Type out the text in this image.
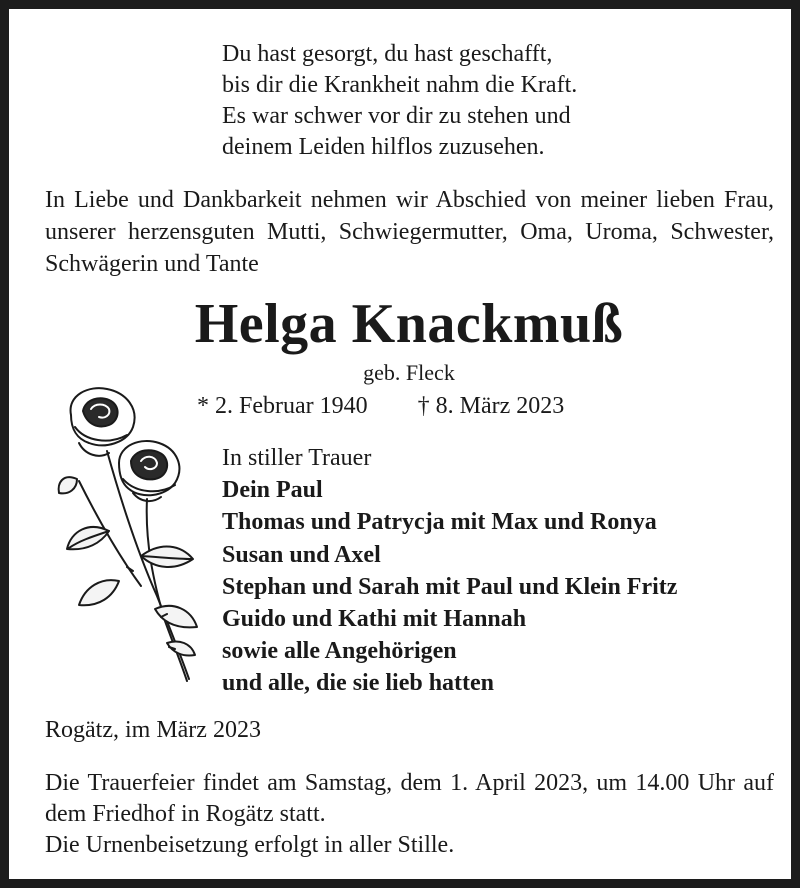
Du hast gesorgt, du hast geschafft,
bis dir die Krankheit nahm die Kraft.
Es war schwer vor dir zu stehen und
deinem Leiden hilflos zuzusehen.
In Liebe und Dankbarkeit nehmen wir Abschied von meiner lieben Frau, unserer herzensguten Mutti, Schwiegermutter, Oma, Uroma, Schwester, Schwägerin und Tante
Helga Knackmuß
geb. Fleck
* 2. Februar 1940 † 8. März 2023
In stiller Trauer
Dein Paul
Thomas und Patrycja mit Max und Ronya
Susan und Axel
Stephan und Sarah mit Paul und Klein Fritz
Guido und Kathi mit Hannah
sowie alle Angehörigen
und alle, die sie lieb hatten
Rogätz, im März 2023
Die Trauerfeier findet am Samstag, dem 1. April 2023, um 14.00 Uhr auf dem Friedhof in Rogätz statt.
Die Urnenbeisetzung erfolgt in aller Stille.
